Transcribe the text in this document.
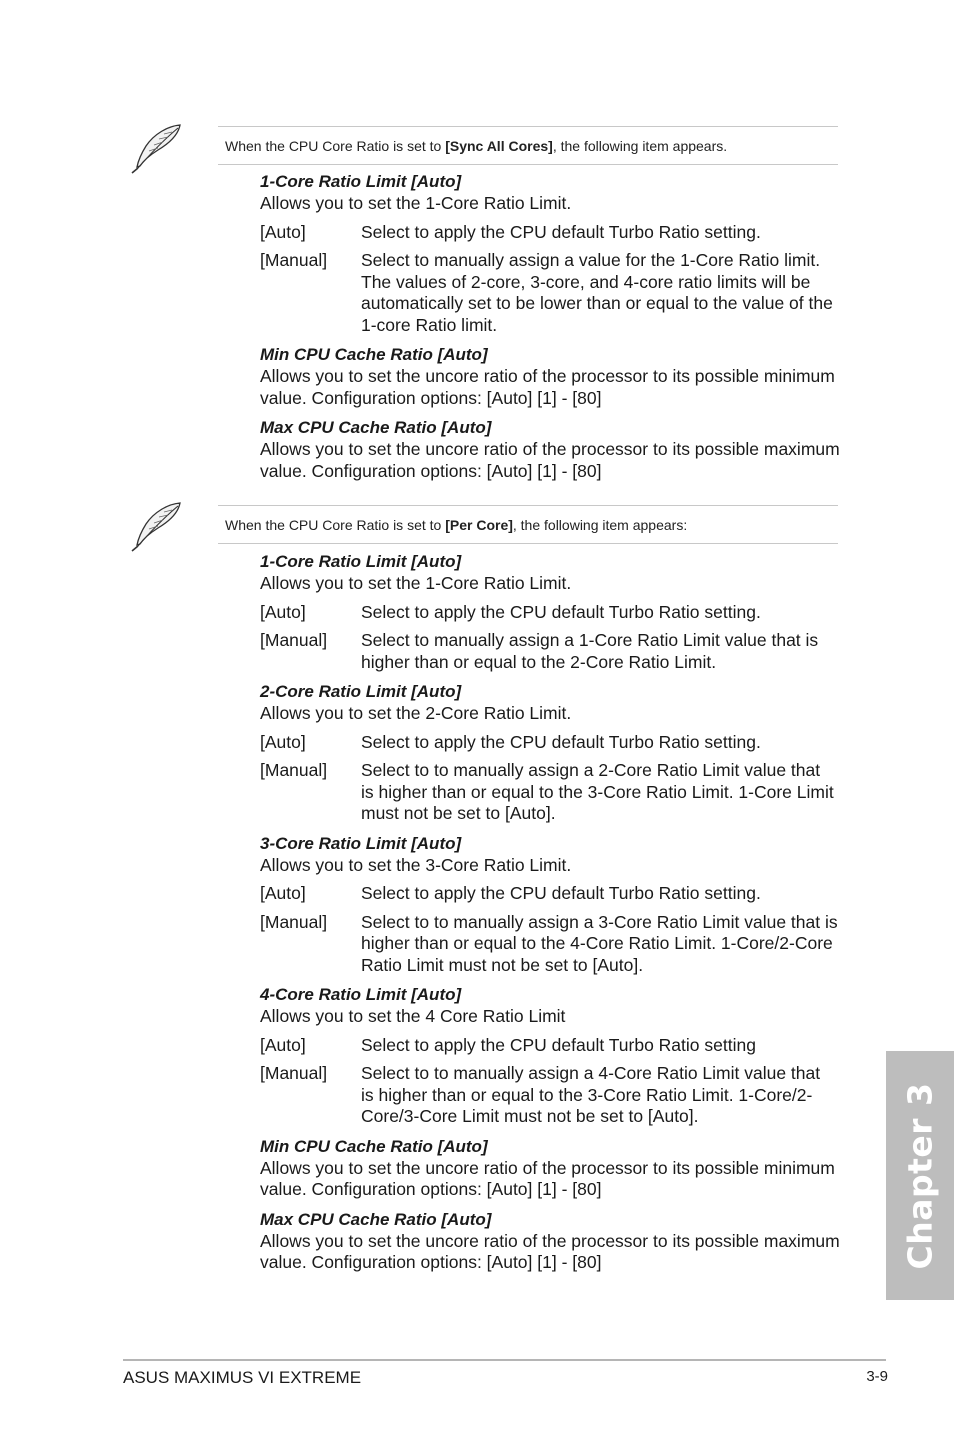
When the CPU Core Ratio is set to [Sync All Cores], the following item appears.

1-Core Ratio Limit [Auto]

Allows you to set the 1-Core Ratio Limit.

[Auto]	Select to apply the CPU default Turbo Ratio setting.
[Manual]	Select to manually assign a value for the 1-Core Ratio limit.
The values of 2-core, 3-core, and 4-core ratio limits will be
automatically set to be lower than or equal to the value of the
1-core Ratio limit.

Min CPU Cache Ratio [Auto]

Allows you to set the uncore ratio of the processor to its possible minimum

value. Configuration options: [Auto] [1] - [80]

Max CPU Cache Ratio [Auto]

Allows you to set the uncore ratio of the processor to its possible maximum

value. Configuration options: [Auto] [1] - [80]

When the CPU Core Ratio is set to [Per Core], the following item appears:

1-Core Ratio Limit [Auto]

Allows you to set the 1-Core Ratio Limit.

[Auto]	Select to apply the CPU default Turbo Ratio setting.
[Manual]	Select to manually assign a 1-Core Ratio Limit value that is
higher than or equal to the 2-Core Ratio Limit.

2-Core Ratio Limit [Auto]

Allows you to set the 2-Core Ratio Limit.

[Auto]	Select to apply the CPU default Turbo Ratio setting.
[Manual]	Select to to manually assign a 2-Core Ratio Limit value that
is higher than or equal to the 3-Core Ratio Limit. 1-Core Limit
must not be set to [Auto].

3-Core Ratio Limit [Auto]

Allows you to set the 3-Core Ratio Limit.

[Auto]	Select to apply the CPU default Turbo Ratio setting.
[Manual]	Select to to manually assign a 3-Core Ratio Limit value that is
higher than or equal to the 4-Core Ratio Limit. 1-Core/2-Core
Ratio Limit must not be set to [Auto].

4-Core Ratio Limit [Auto]

Allows you to set the 4 Core Ratio Limit

[Auto]	Select to apply the CPU default Turbo Ratio setting
[Manual]	Select to to manually assign a 4-Core Ratio Limit value that
is higher than or equal to the 3-Core Ratio Limit. 1-Core/2-
Core/3-Core Limit must not be set to [Auto].

Min CPU Cache Ratio [Auto]

Allows you to set the uncore ratio of the processor to its possible minimum

value. Configuration options: [Auto] [1] - [80]

Max CPU Cache Ratio [Auto]

Allows you to set the uncore ratio of the processor to its possible maximum

value. Configuration options: [Auto] [1] - [80]	Chapter 3
ASUS MAXIMUS VI EXTREME	3-9
